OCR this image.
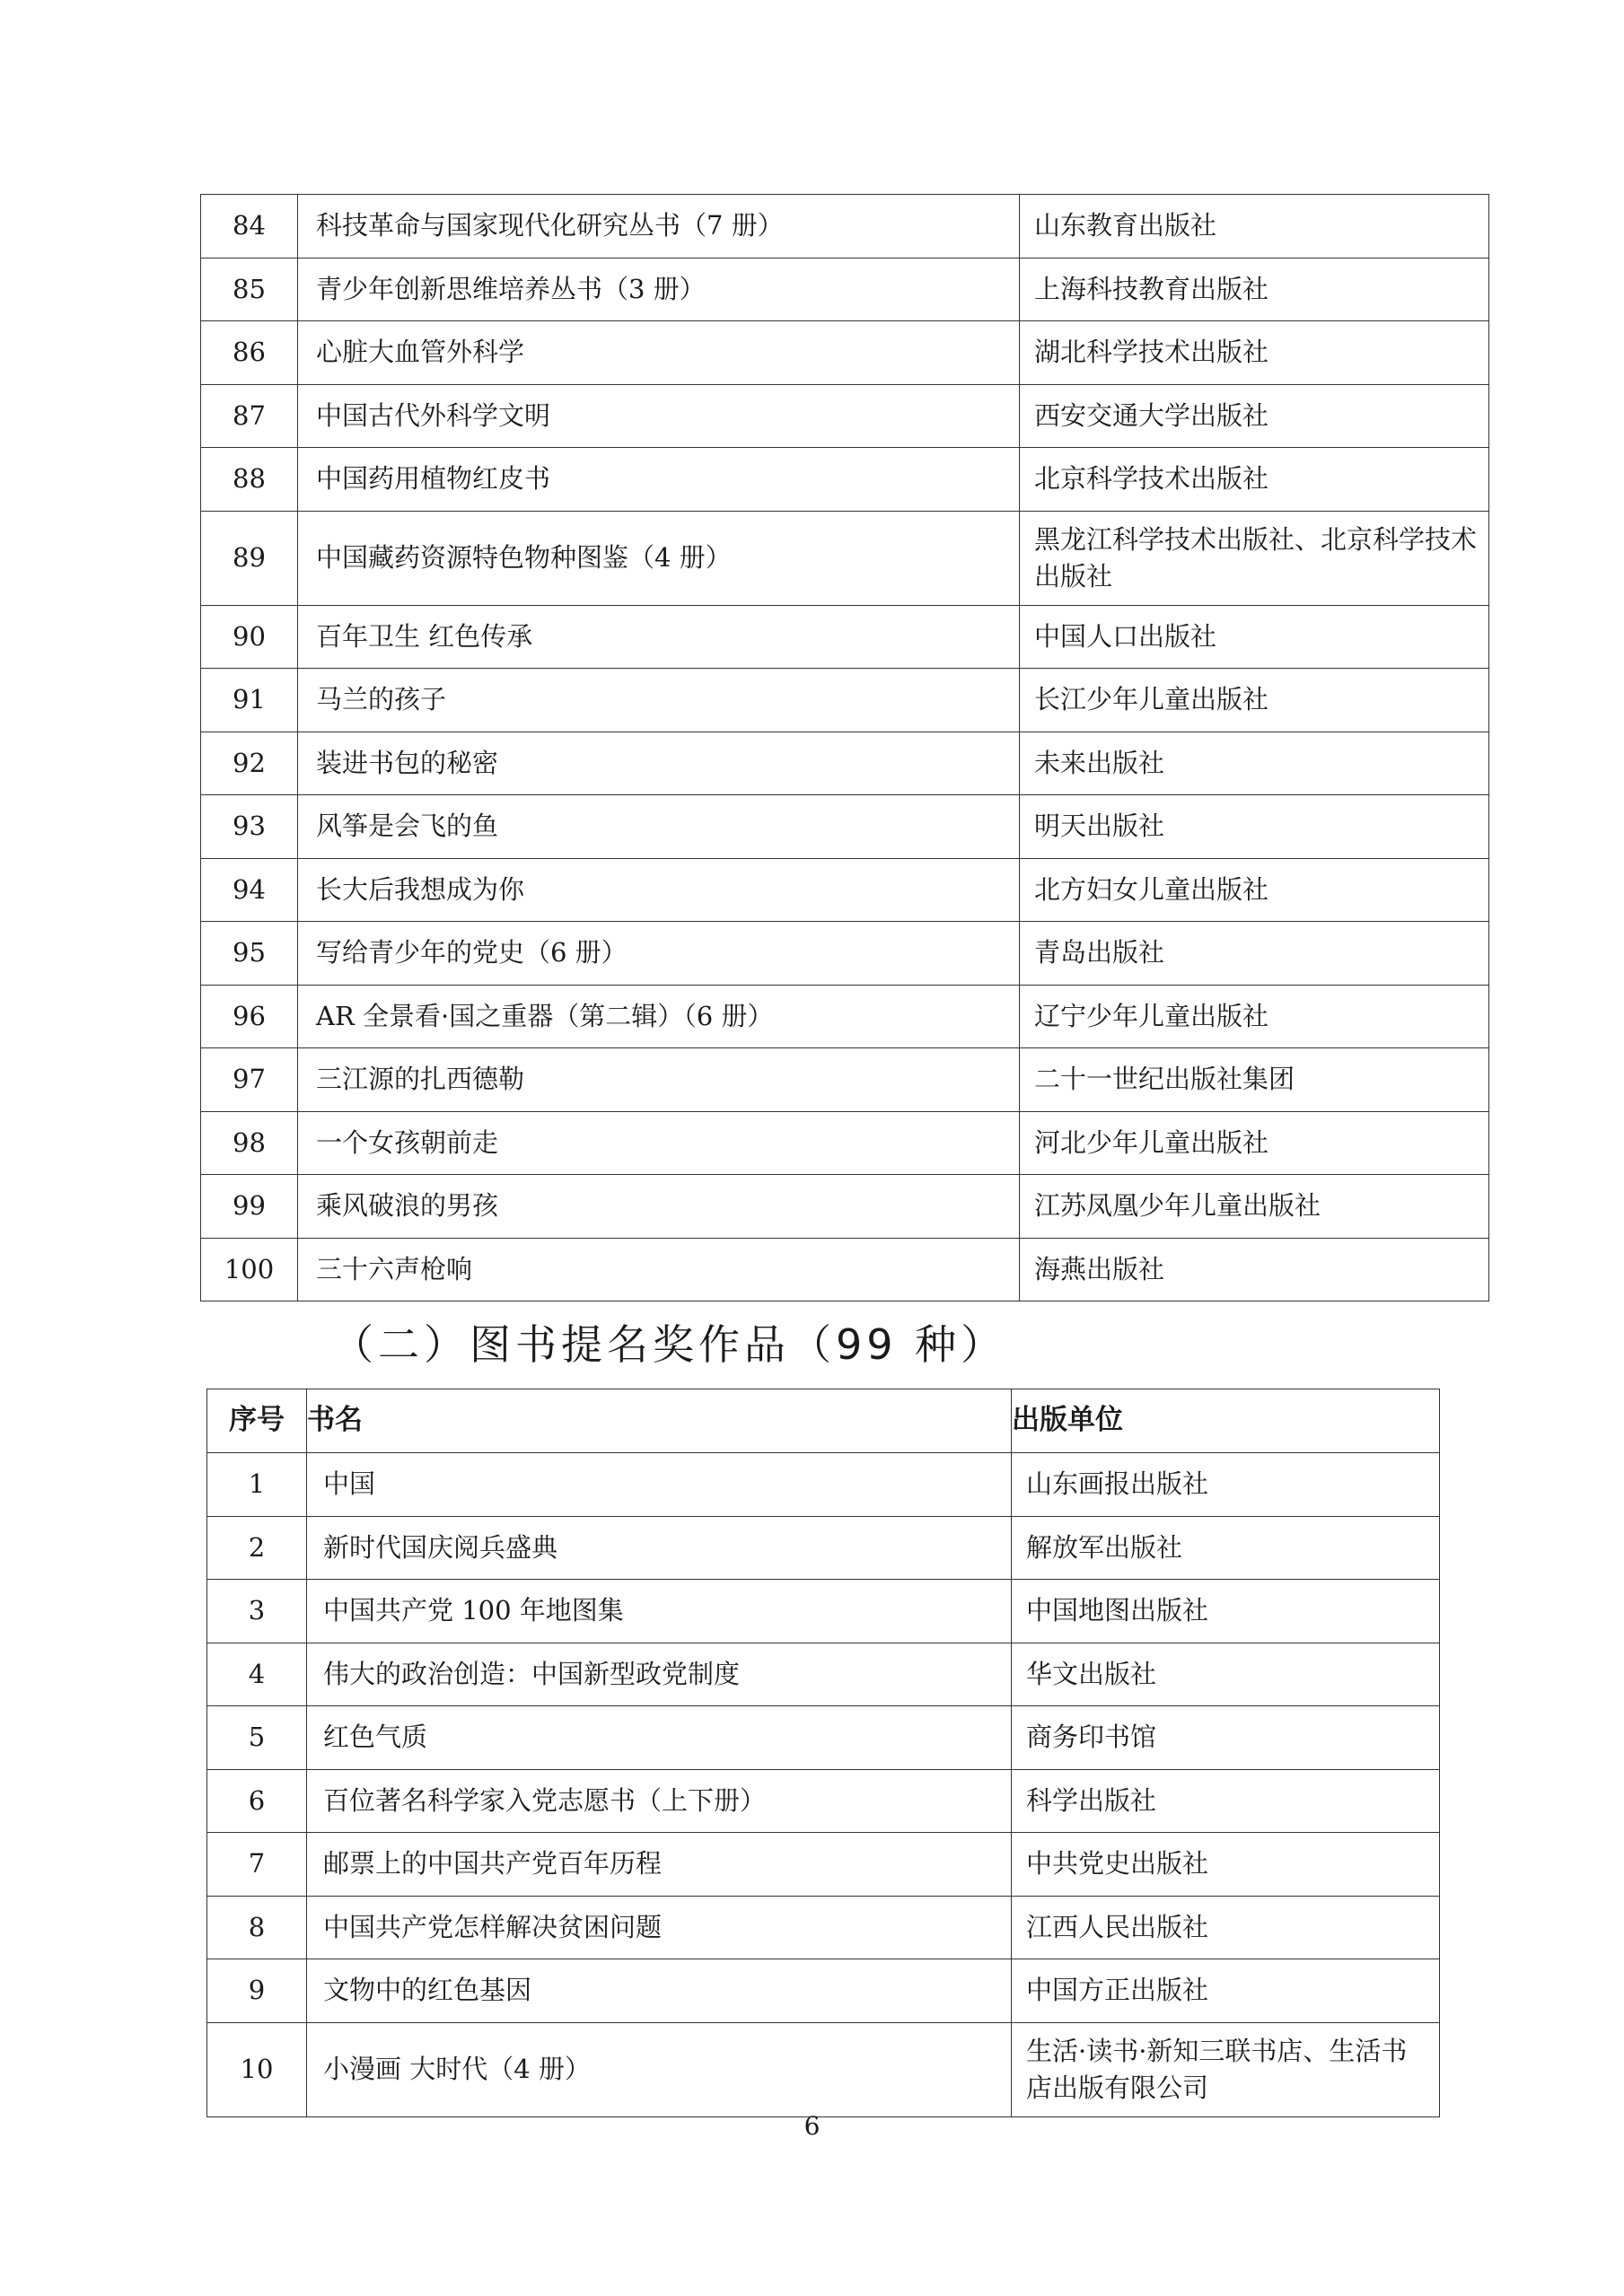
84	科技革命与国家现代化研究丛书（7 册）	山东教育出版社
85	青少年创新思维培养丛书（3 册）	上海科技教育出版社
86	心脏大血管外科学	湖北科学技术出版社
87	中国古代外科学文明	西安交通大学出版社
88	中国药用植物红皮书	北京科学技术出版社
89	中国藏药资源特色物种图鉴（4 册）	黑龙江科学技术出版社、北京科学技术出版社
90	百年卫生 红色传承	中国人口出版社
91	马兰的孩子	长江少年儿童出版社
92	装进书包的秘密	未来出版社
93	风筝是会飞的鱼	明天出版社
94	长大后我想成为你	北方妇女儿童出版社
95	写给青少年的党史（6 册）	青岛出版社
96	AR 全景看·国之重器（第二辑）（6 册）	辽宁少年儿童出版社
97	三江源的扎西德勒	二十一世纪出版社集团
98	一个女孩朝前走	河北少年儿童出版社
99	乘风破浪的男孩	江苏凤凰少年儿童出版社
100	三十六声枪响	海燕出版社
（二）图书提名奖作品（99 种）
序号	书名	出版单位
1	中国	山东画报出版社
2	新时代国庆阅兵盛典	解放军出版社
3	中国共产党 100 年地图集	中国地图出版社
4	伟大的政治创造：中国新型政党制度	华文出版社
5	红色气质	商务印书馆
6	百位著名科学家入党志愿书（上下册）	科学出版社
7	邮票上的中国共产党百年历程	中共党史出版社
8	中国共产党怎样解决贫困问题	江西人民出版社
9	文物中的红色基因	中国方正出版社
10	小漫画 大时代（4 册）	生活·读书·新知三联书店、生活书店出版有限公司
6
